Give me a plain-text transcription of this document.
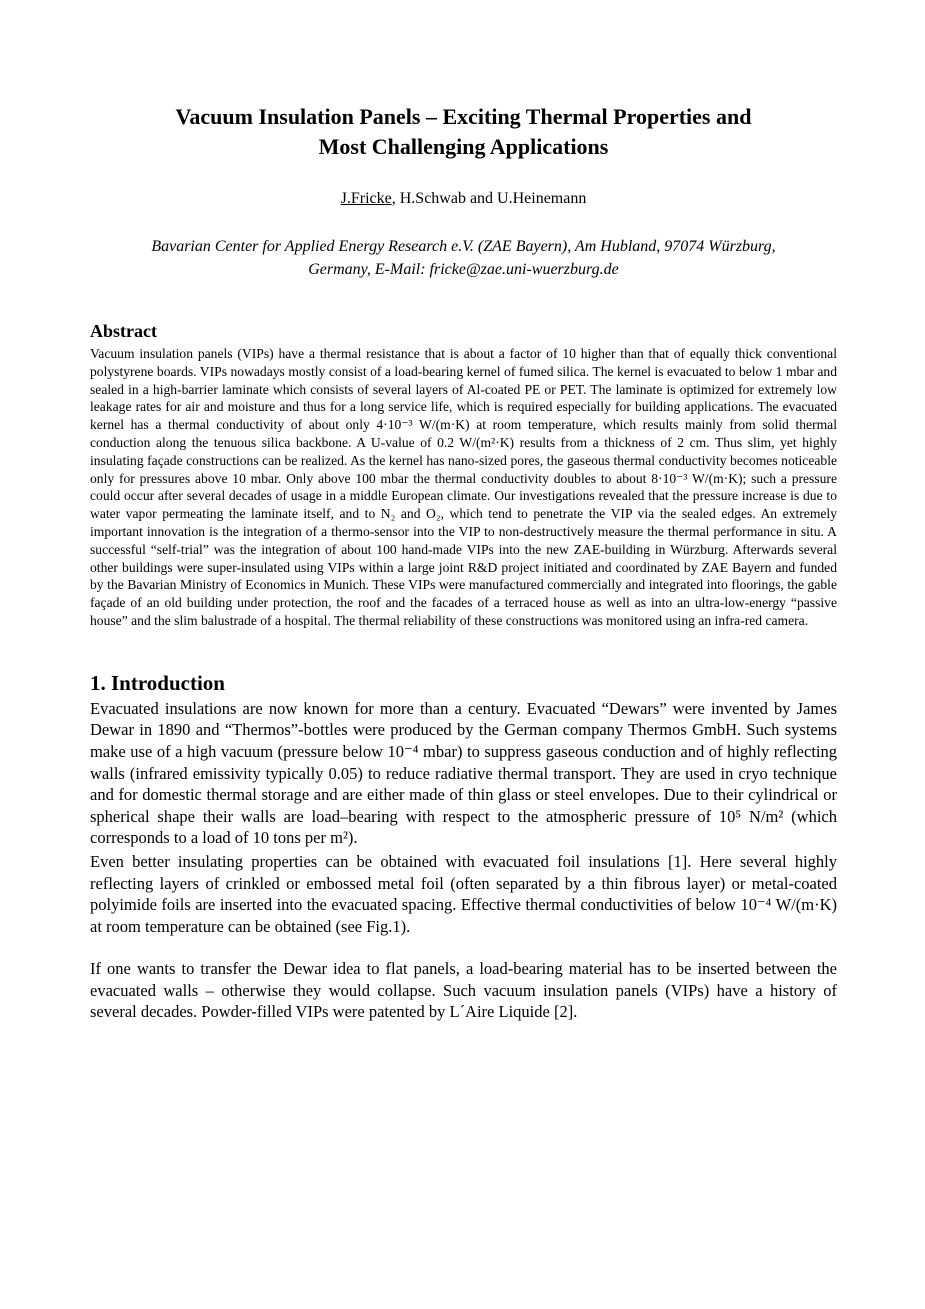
Vacuum Insulation Panels – Exciting Thermal Properties and
Most Challenging Applications
J.Fricke, H.Schwab and U.Heinemann
Bavarian Center for Applied Energy Research e.V. (ZAE Bayern), Am Hubland, 97074 Würzburg,
Germany, E-Mail: fricke@zae.uni-wuerzburg.de
Abstract

Vacuum insulation panels (VIPs) have a thermal resistance that is about a factor of 10 higher than that of equally thick conventional polystyrene boards. VIPs nowadays mostly consist of a load-bearing kernel of fumed silica. The kernel is evacuated to below 1 mbar and sealed in a high-barrier laminate which consists of several layers of Al-coated PE or PET. The laminate is optimized for extremely low leakage rates for air and moisture and thus for a long service life, which is required especially for building applications. The evacuated kernel has a thermal conductivity of about only 4·10⁻³ W/(m·K) at room temperature, which results mainly from solid thermal conduction along the tenuous silica backbone. A U-value of 0.2 W/(m²·K) results from a thickness of 2 cm. Thus slim, yet highly insulating façade constructions can be realized. As the kernel has nano-sized pores, the gaseous thermal conductivity becomes noticeable only for pressures above 10 mbar. Only above 100 mbar the thermal conductivity doubles to about 8·10⁻³ W/(m·K); such a pressure could occur after several decades of usage in a middle European climate. Our investigations revealed that the pressure increase is due to water vapor permeating the laminate itself, and to N₂ and O₂, which tend to penetrate the VIP via the sealed edges. An extremely important innovation is the integration of a thermo-sensor into the VIP to non-destructively measure the thermal performance in situ. A successful “self-trial” was the integration of about 100 hand-made VIPs into the new ZAE-building in Würzburg. Afterwards several other buildings were super-insulated using VIPs within a large joint R&D project initiated and coordinated by ZAE Bayern and funded by the Bavarian Ministry of Economics in Munich. These VIPs were manufactured commercially and integrated into floorings, the gable façade of an old building under protection, the roof and the facades of a terraced house as well as into an ultra-low-energy “passive house” and the slim balustrade of a hospital. The thermal reliability of these constructions was monitored using an infra-red camera.

1. Introduction

Evacuated insulations are now known for more than a century. Evacuated “Dewars” were invented by James Dewar in 1890 and “Thermos”-bottles were produced by the German company Thermos GmbH. Such systems make use of a high vacuum (pressure below 10⁻⁴ mbar) to suppress gaseous conduction and of highly reflecting walls (infrared emissivity typically 0.05) to reduce radiative thermal transport. They are used in cryo technique and for domestic thermal storage and are either made of thin glass or steel envelopes. Due to their cylindrical or spherical shape their walls are load–bearing with respect to the atmospheric pressure of 10⁵ N/m² (which corresponds to a load of 10 tons per m²).

Even better insulating properties can be obtained with evacuated foil insulations [1]. Here several highly reflecting layers of crinkled or embossed metal foil (often separated by a thin fibrous layer) or metal-coated polyimide foils are inserted into the evacuated spacing. Effective thermal conductivities of below 10⁻⁴ W/(m·K) at room temperature can be obtained (see Fig.1).

If one wants to transfer the Dewar idea to flat panels, a load-bearing material has to be inserted between the evacuated walls – otherwise they would collapse. Such vacuum insulation panels (VIPs) have a history of several decades. Powder-filled VIPs were patented by L´Aire Liquide [2].
